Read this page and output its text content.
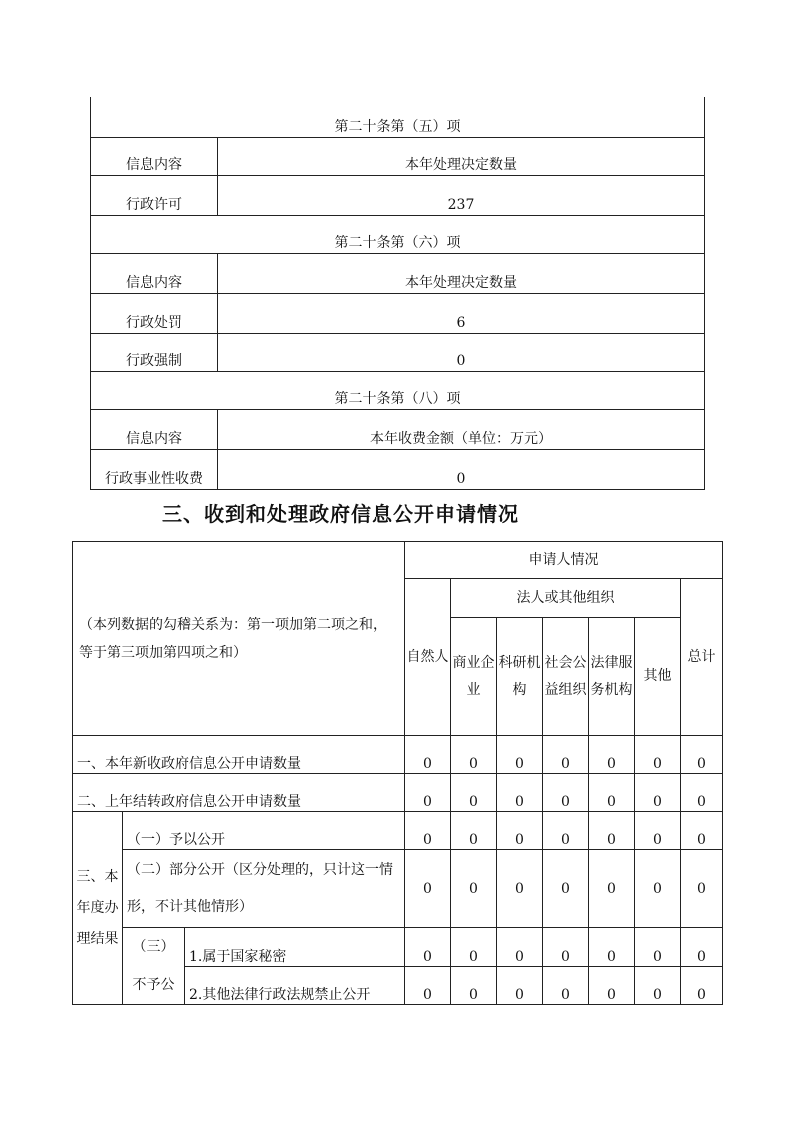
第二十条第（五）项	
信息内容	本年处理决定数量
行政许可	237
第二十条第（六）项	
信息内容	本年处理决定数量
行政处罚	6
行政强制	0
第二十条第（八）项	
信息内容	本年收费金额（单位：万元）
行政事业性收费	0
三、收到和处理政府信息公开申请情况
（本列数据的勾稽关系为：第一项加第二项之和，等于第三项加第四项之和）			申请人情况						
			自然人	法人或其他组织					总计
				商业企业	科研机构	社会公益组织	法律服务机构	其他	
一、本年新收政府信息公开申请数量			0	0	0	0	0	0	0
二、上年结转政府信息公开申请数量			0	0	0	0	0	0	0
三、本年度办理结果	（一）予以公开		0	0	0	0	0	0	0
	（二）部分公开（区分处理的，只计这一情形，不计其他情形）		0	0	0	0	0	0	0
	（三）不予公	1.属于国家秘密	0	0	0	0	0	0	0
		2.其他法律行政法规禁止公开	0	0	0	0	0	0	0
